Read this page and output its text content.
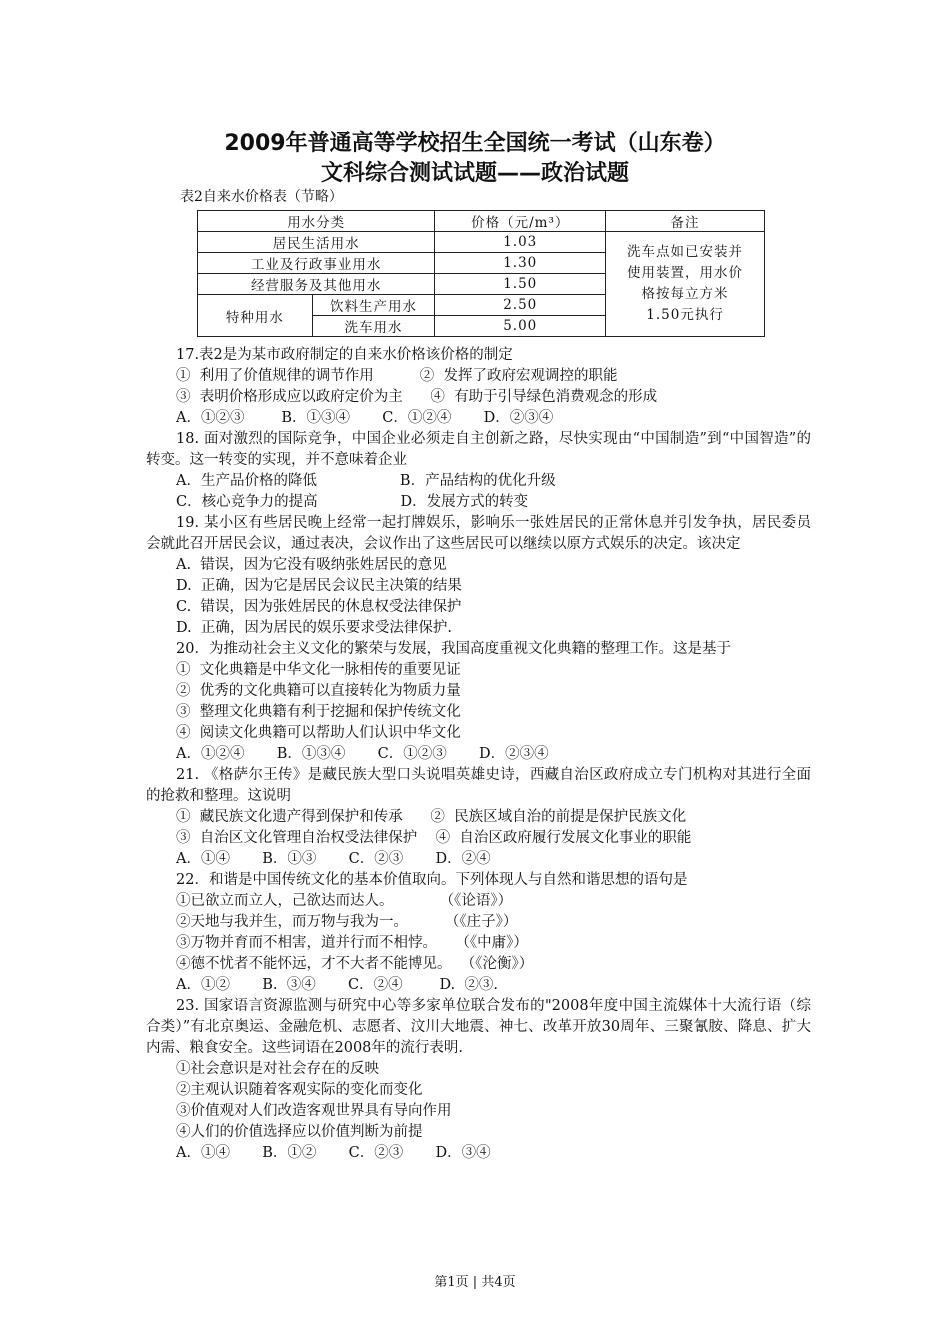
2009年普通高等学校招生全国统一考试（山东卷）
文科综合测试试题——政治试题
表2自来水价格表（节略）
用水分类		价格（元/m³）	备注
居民生活用水		1.03	洗车点如已安装并使用装置，用水价格按每立方米1.50元执行

工业及行政事业用水		1.30	
经营服务及其他用水		1.50	
特种用水	饮料生产用水	2.50	
	洗车用水	5.00	

17.表2是为某市政府制定的自来水价格该价格的制定

①  利用了价值规律的调节作用          ②  发挥了政府宏观调控的职能

③  表明价格形成应以政府定价为主      ④  有助于引导绿色消费观念的形成

A．①②③        B．①③④       C．①②④       D．②③④

18. 面对激烈的国际竞争，中国企业必须走自主创新之路，尽快实现由“中国制造”到“中国智造”的转变。这一转变的实现，并不意味着企业

A．生产品价格的降低                  B．产品结构的优化升级

C．核心竞争力的提高                  D．发展方式的转变

19. 某小区有些居民晚上经常一起打牌娱乐，影响乐一张姓居民的正常休息并引发争执，居民委员会就此召开居民会议，通过表决，会议作出了这些居民可以继续以原方式娱乐的决定。该决定

A.  错误，因为它没有吸纳张姓居民的意见

D.  正确，因为它是居民会议民主决策的结果

C.  错误，因为张姓居民的休息权受法律保护

D.  正确，因为居民的娱乐要求受法律保护.

20．为推动社会主义文化的繁荣与发展，我国高度重视文化典籍的整理工作。这是基于

①  文化典籍是中华文化一脉相传的重要见证

②  优秀的文化典籍可以直接转化为物质力量

③  整理文化典籍有利于挖掘和保护传统文化

④  阅读文化典籍可以帮助人们认识中华文化

A．①②④       B．①③④       C．①②③       D．②③④

21. 《格萨尔王传》是藏民族大型口头说唱英雄史诗，西藏自治区政府成立专门机构对其进行全面的抢救和整理。这说明

①  藏民族文化遗产得到保护和传承      ②  民族区域自治的前提是保护民族文化

③  自治区文化管理自治权受法律保护    ④  自治区政府履行发展文化事业的职能

A．①④       B．①③       C．②③       D．②④

22．和谐是中国传统文化的基本价值取向。下列体现人与自然和谐思想的语句是

①已欲立而立人，己欲达而达人。          （《论语》）

②天地与我并生，而万物与我为一。        （《庄子》）

③万物并育而不相害，道并行而不相悖。    （《中庸》）

④德不忧者不能怀远，才不大者不能博见。  （《沦衡》）

A．①②       B.  ③④       C．②④        D.  ②③.

23. 国家语言资源监测与研究中心等多家单位联合发布的"2008年度中国主流媒体十大流行语（综合类）”有北京奥运、金融危机、志愿者、汶川大地震、神七、改革开放30周年、三聚氰胺、降息、扩大内需、粮食安全。这些词语在2008年的流行表明.

①社会意识是对社会存在的反映

②主观认识随着客观实际的变化而变化

③价值观对人们改造客观世界具有导向作用

④人们的价值选择应以价值判断为前提

A．①④       B．①②       C．②③       D．③④

第1页 | 共4页
